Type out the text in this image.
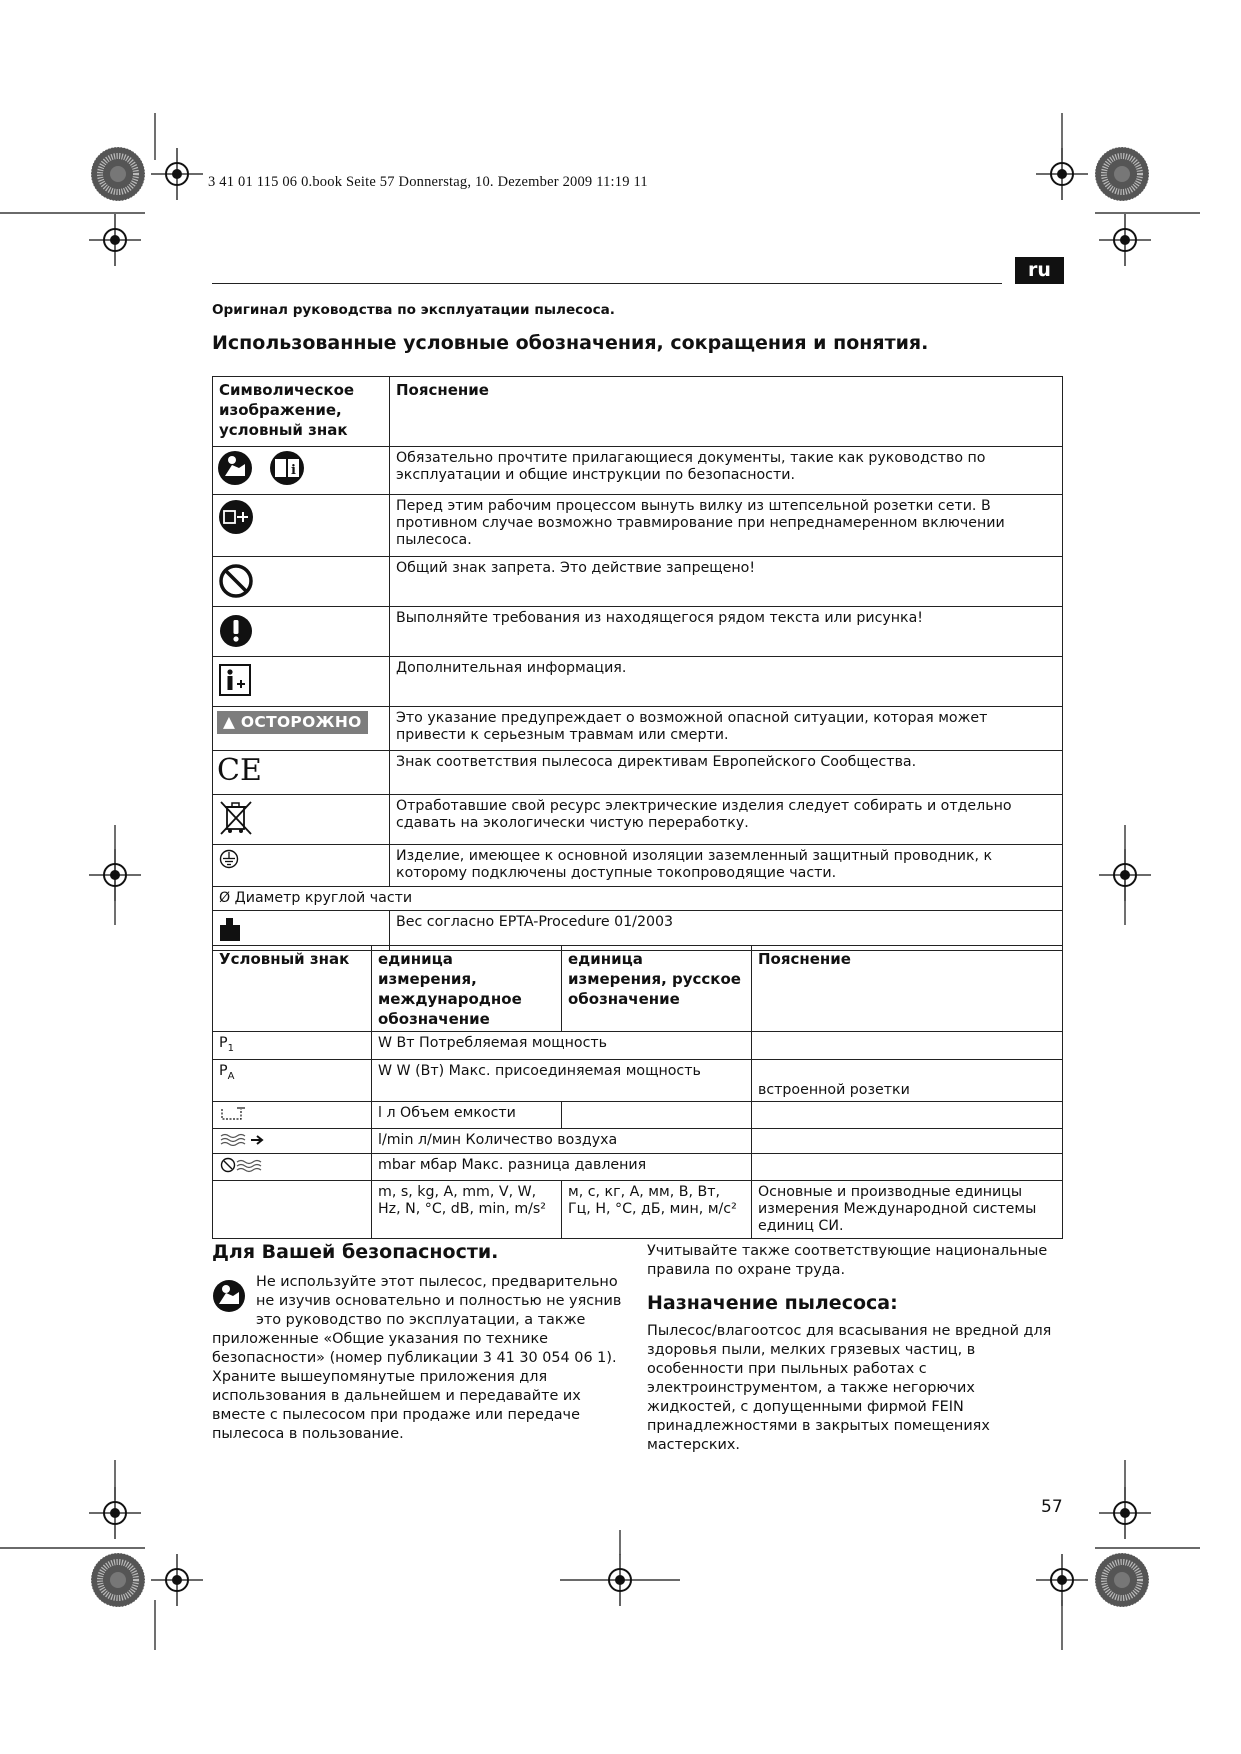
3 41 01 115 06 0.book Seite 57 Donnerstag, 10. Dezember 2009 11:19 11
ru
Оригинал руководства по эксплуатации пылесоса.
Использованные условные обозначения, сокращения и понятия.
Символическое изображение, условный знак	Пояснение

i	Обязательно прочтите прилагающиеся документы, такие как руководство по эксплуатации и общие инструкции по безопасности.
	Перед этим рабочим процессом вынуть вилку из штепсельной розетки сети. В противном случае возможно травмирование при непреднамеренном включении пылесоса.
	Общий знак запрета. Это действие запрещено!
	Выполняйте требования из находящегося рядом текста или рисунка!
	Дополнительная информация.
▲ ОСТОРОЖНО	Это указание предупреждает о возможной опасной ситуации, которая может привести к серьезным травмам или смерти.
CE	Знак соответствия пылесоса директивам Европейского Сообщества.
	Отработавшие свой ресурс электрические изделия следует собирать и отдельно сдавать на экологически чистую переработку.
	Изделие, имеющее к основной изоляции заземленный защитный проводник, к которому подключены доступные токопроводящие части.
Ø Диаметр круглой части	
	Вес согласно EPTA-Procedure 01/2003
Условный знак	единица измерения, международное обозначение	единица измерения, русское обозначение	Пояснение
$P_1$	W Вт Потребляемая мощность		
$P_A$	W W (Вт) Макс. присоединяемая мощность		встроенной розетки
	l л Объем емкости		
	l/min л/мин Количество воздуха		
	mbar мбар Макс. разница давления		
	m, s, kg, A, mm, V, W, Hz, N, °C, dB, min, m/s²	м, с, кг, А, мм, В, Вт, Гц, Н, °C, дБ, мин, м/с²	Основные и производные единицы измерения Международной системы единиц СИ.
Для Вашей безопасности.
Не используйте этот пылесос, предварительно не изучив основательно и полностью не уяснив это руководство по эксплуатации, а также приложенные «Общие указания по технике безопасности» (номер публикации 3 41 30 054 06 1). Храните вышеупомянутые приложения для использования в дальнейшем и передавайте их вместе с пылесосом при продаже или передаче пылесоса в пользование.
Учитывайте также соответствующие национальные правила по охране труда.
Назначение пылесоса:
Пылесос/влагоотсос для всасывания не вредной для здоровья пыли, мелких грязевых частиц, в особенности при пыльных работах с электроинструментом, а также негорючих жидкостей, с допущенными фирмой FEIN принадлежностями в закрытых помещениях мастерских.
57
